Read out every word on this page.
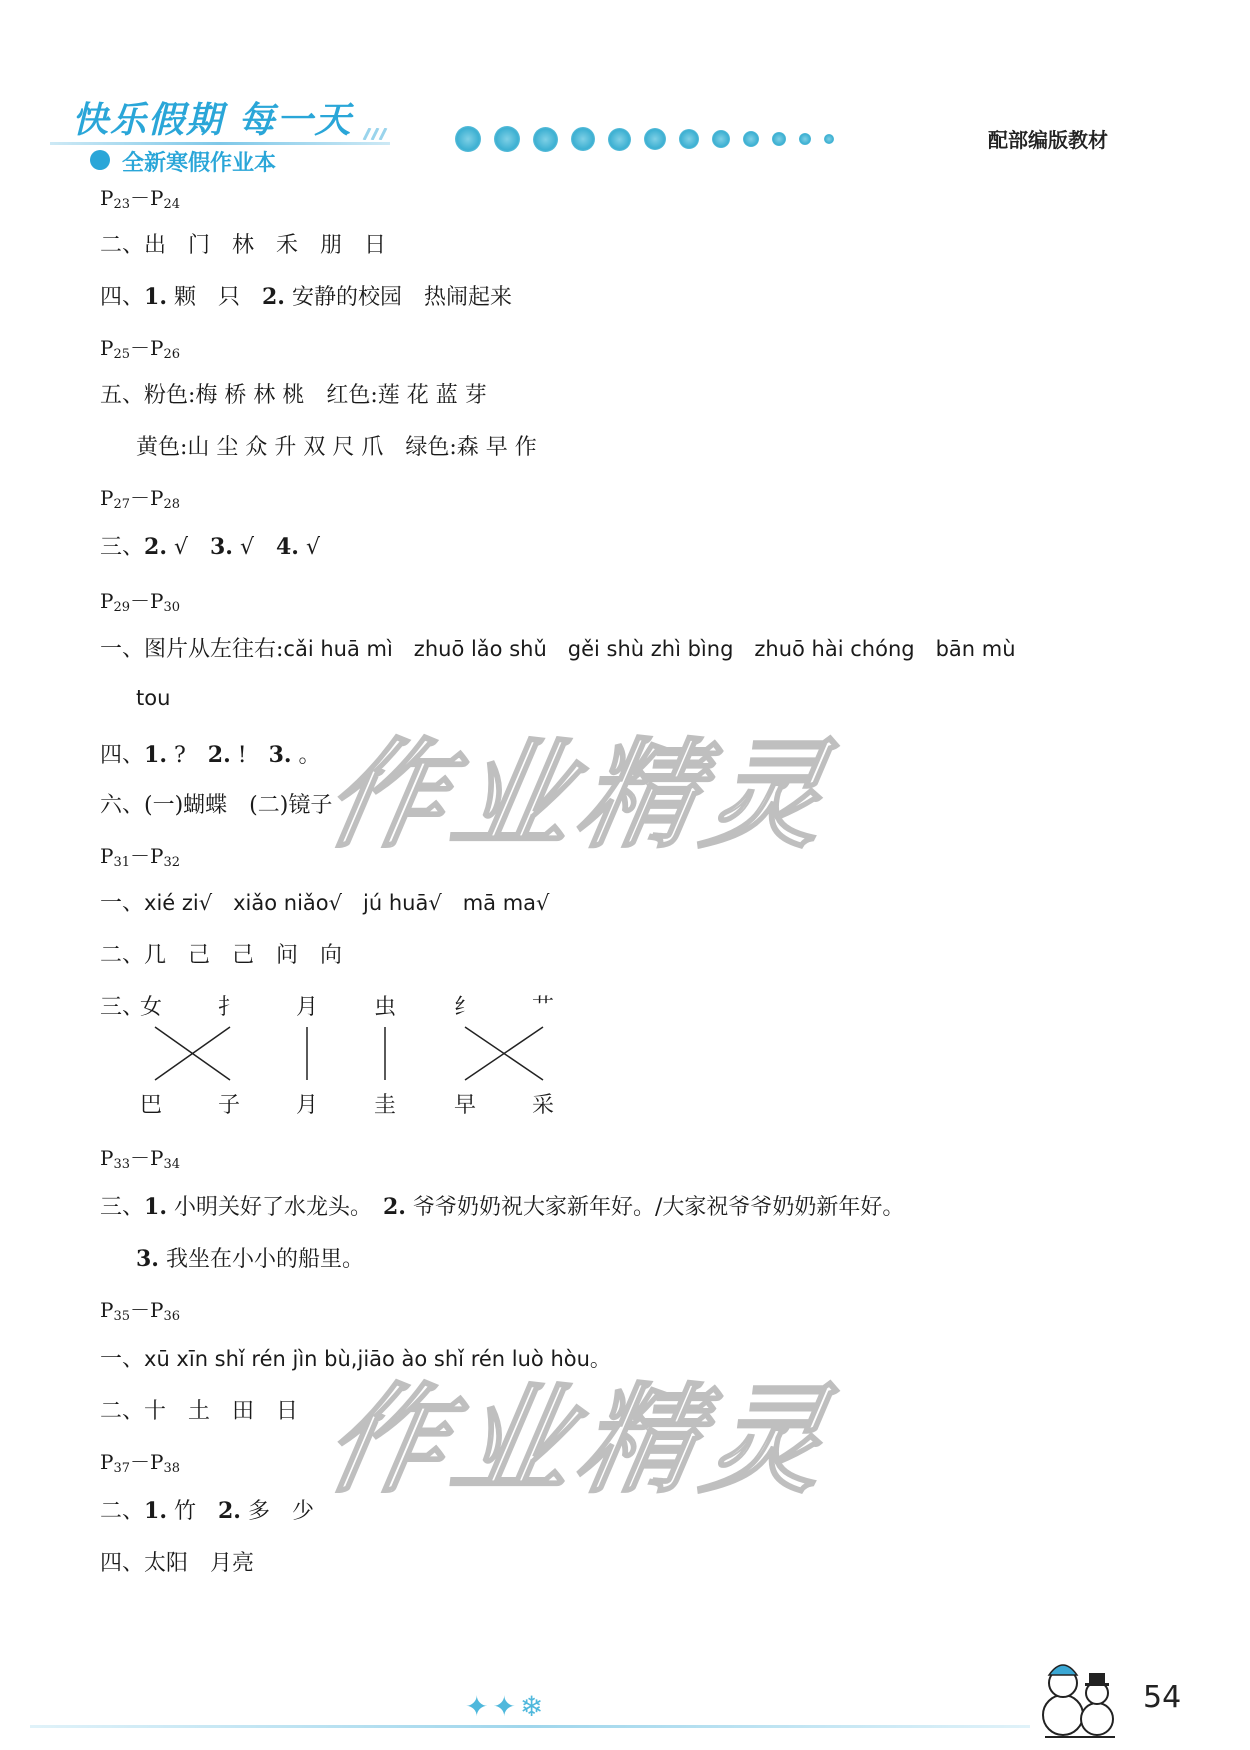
快乐假期 每一天
全新寒假作业本
配部编版教材
$P_{23}-P_{24}$
二、出　门　林　禾　朋　日
四、1. 颗　只　2. 安静的校园　热闹起来
$P_{25}-P_{26}$
五、粉色:梅 桥 林 桃　红色:莲 花 蓝 芽
黄色:山 尘 众 升 双 尺 爪　绿色:森 早 作
$P_{27}-P_{28}$
三、2. √　3. √　4. √
$P_{29}-P_{30}$
一、图片从左往右:cǎi huā mì　zhuō lǎo shǔ　gěi shù zhì bìng　zhuō hài chóng　bān mù
tou
四、1. ?　2. !　3. 。
六、(一)蝴蝶　(二)镜子
$P_{31}-P_{32}$
一、xié zi√　xiǎo niǎo√　jú huā√　mā ma√
二、几　己　己　问　向
三、
女	扌	月	虫	纟	艹
巴	子	月	圭	早	采
$P_{33}-P_{34}$
三、1. 小明关好了水龙头。　2. 爷爷奶奶祝大家新年好。/大家祝爷爷奶奶新年好。
3. 我坐在小小的船里。
$P_{35}-P_{36}$
一、xū xīn shǐ rén jìn bù,jiāo ào shǐ rén luò hòu。
二、十　土　田　日
$P_{37}-P_{38}$
二、1. 竹　2. 多　少
四、太阳　月亮
作业精灵
作业精灵
✦✦❄	54
